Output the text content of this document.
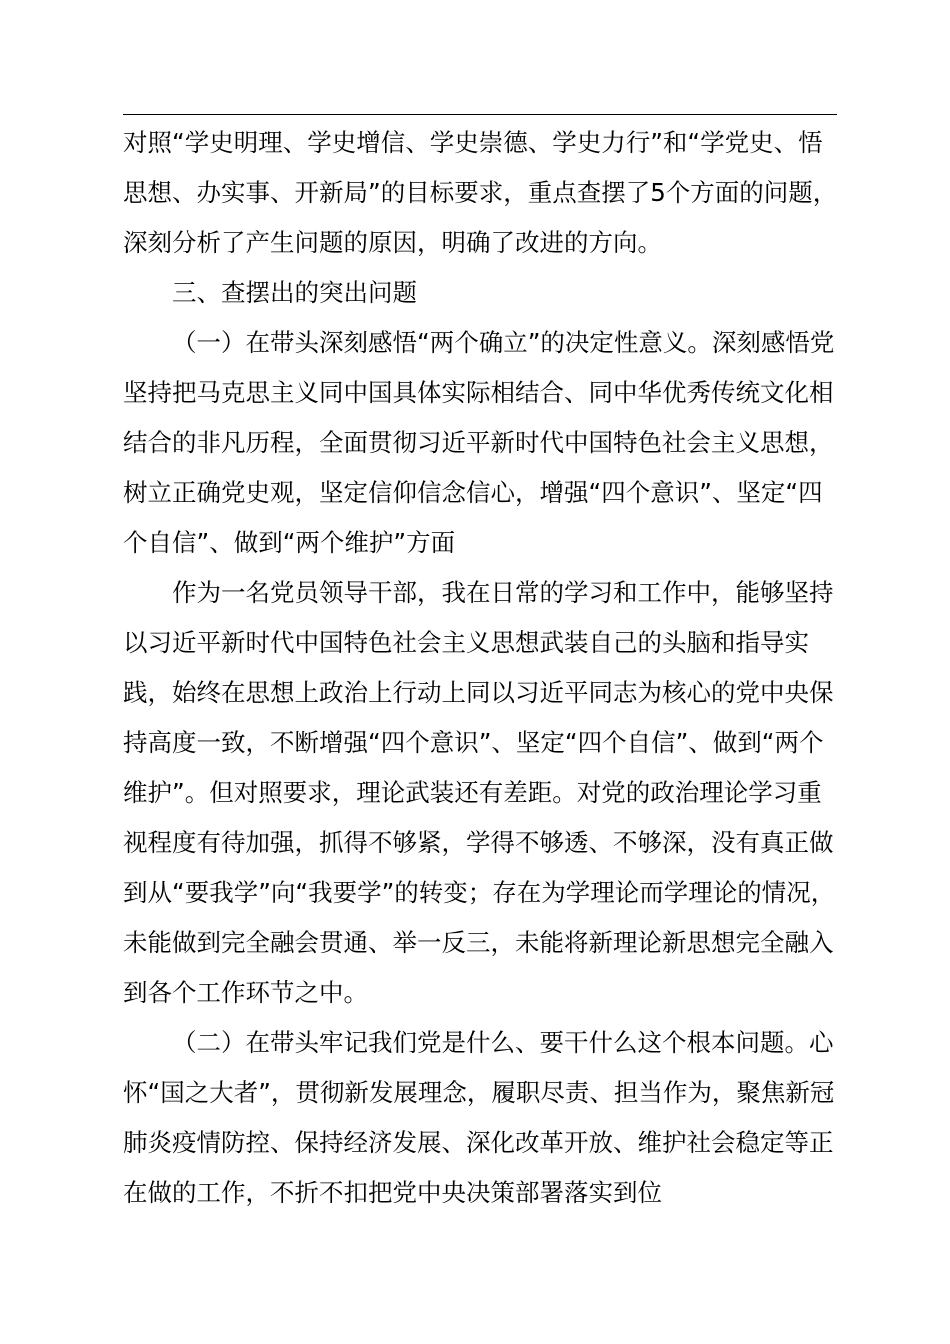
对照“学史明理、学史增信、学史崇德、学史力行”和“学党史、悟思想、办实事、开新局”的目标要求，重点查摆了5个方面的问题，深刻分析了产生问题的原因，明确了改进的方向。

三、查摆出的突出问题

（一）在带头深刻感悟“两个确立”的决定性意义。深刻感悟党坚持把马克思主义同中国具体实际相结合、同中华优秀传统文化相结合的非凡历程，全面贯彻习近平新时代中国特色社会主义思想，树立正确党史观，坚定信仰信念信心，增强“四个意识”、坚定“四个自信”、做到“两个维护”方面

作为一名党员领导干部，我在日常的学习和工作中，能够坚持以习近平新时代中国特色社会主义思想武装自己的头脑和指导实践，始终在思想上政治上行动上同以习近平同志为核心的党中央保持高度一致，不断增强“四个意识”、坚定“四个自信”、做到“两个维护”。但对照要求，理论武装还有差距。对党的政治理论学习重视程度有待加强，抓得不够紧，学得不够透、不够深，没有真正做到从“要我学”向“我要学”的转变；存在为学理论而学理论的情况，未能做到完全融会贯通、举一反三，未能将新理论新思想完全融入到各个工作环节之中。

（二）在带头牢记我们党是什么、要干什么这个根本问题。心怀“国之大者”，贯彻新发展理念，履职尽责、担当作为，聚焦新冠肺炎疫情防控、保持经济发展、深化改革开放、维护社会稳定等正在做的工作，不折不扣把党中央决策部署落实到位
